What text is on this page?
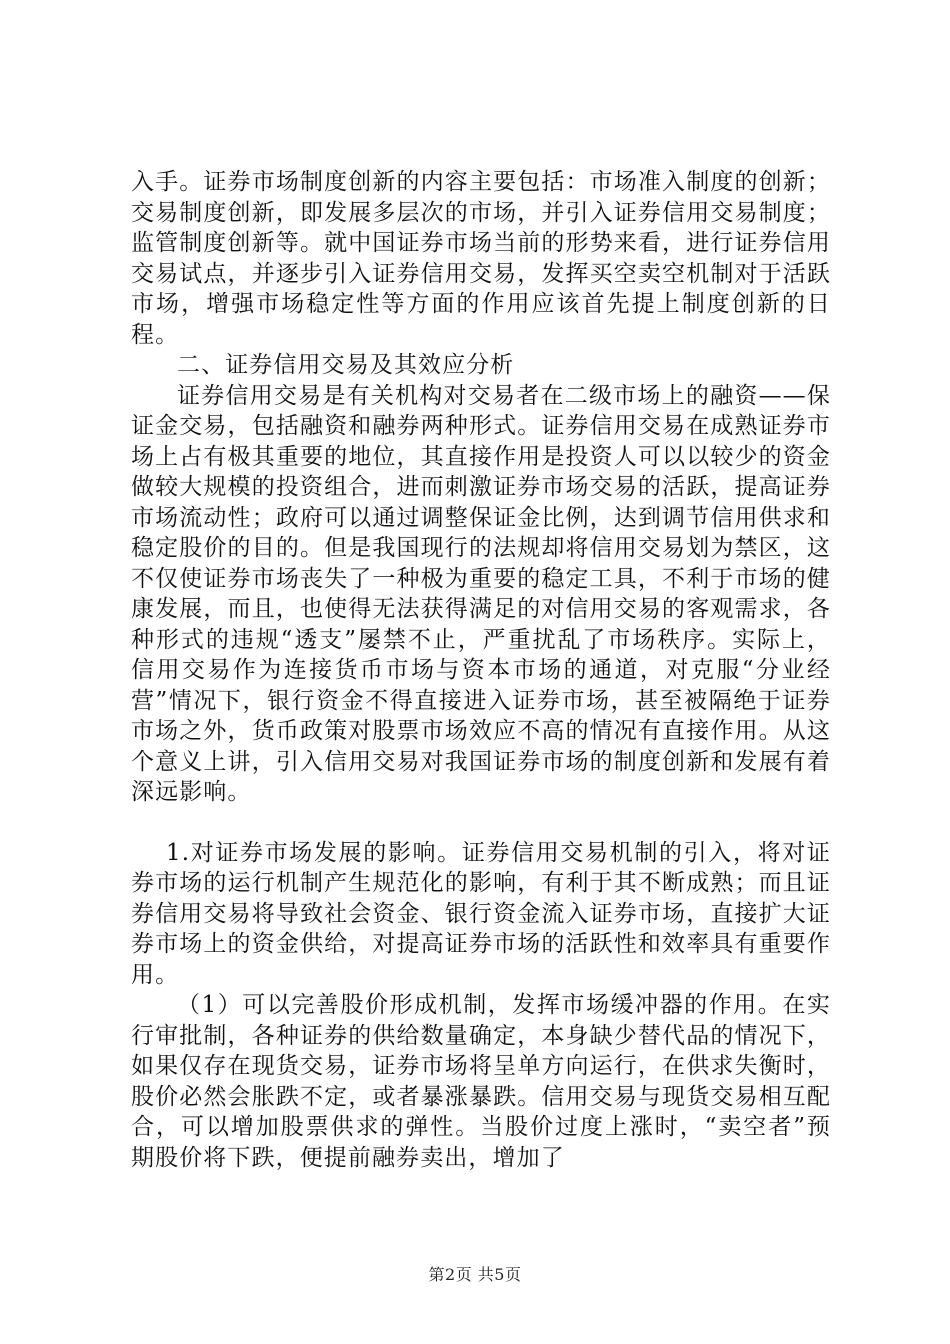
入手。证券市场制度创新的内容主要包括：市场准入制度的创新；交易制度创新，即发展多层次的市场，并引入证券信用交易制度；监管制度创新等。就中国证券市场当前的形势来看，进行证券信用交易试点，并逐步引入证券信用交易，发挥买空卖空机制对于活跃市场，增强市场稳定性等方面的作用应该首先提上制度创新的日程。

二、证券信用交易及其效应分析

证券信用交易是有关机构对交易者在二级市场上的融资——保证金交易，包括融资和融券两种形式。证券信用交易在成熟证券市场上占有极其重要的地位，其直接作用是投资人可以以较少的资金做较大规模的投资组合，进而刺激证券市场交易的活跃，提高证券市场流动性；政府可以通过调整保证金比例，达到调节信用供求和稳定股价的目的。但是我国现行的法规却将信用交易划为禁区，这不仅使证券市场丧失了一种极为重要的稳定工具，不利于市场的健康发展，而且，也使得无法获得满足的对信用交易的客观需求，各种形式的违规“透支”屡禁不止，严重扰乱了市场秩序。实际上，信用交易作为连接货币市场与资本市场的通道，对克服“分业经营”情况下，银行资金不得直接进入证券市场，甚至被隔绝于证券市场之外，货币政策对股票市场效应不高的情况有直接作用。从这个意义上讲，引入信用交易对我国证券市场的制度创新和发展有着深远影响。

1.对证券市场发展的影响。证券信用交易机制的引入，将对证券市场的运行机制产生规范化的影响，有利于其不断成熟；而且证券信用交易将导致社会资金、银行资金流入证券市场，直接扩大证券市场上的资金供给，对提高证券市场的活跃性和效率具有重要作用。

（1）可以完善股价形成机制，发挥市场缓冲器的作用。在实行审批制，各种证券的供给数量确定，本身缺少替代品的情况下，如果仅存在现货交易，证券市场将呈单方向运行，在供求失衡时，股价必然会胀跌不定，或者暴涨暴跌。信用交易与现货交易相互配合，可以增加股票供求的弹性。当股价过度上涨时，“卖空者”预期股价将下跌，便提前融券卖出，增加了

第2页 共5页
